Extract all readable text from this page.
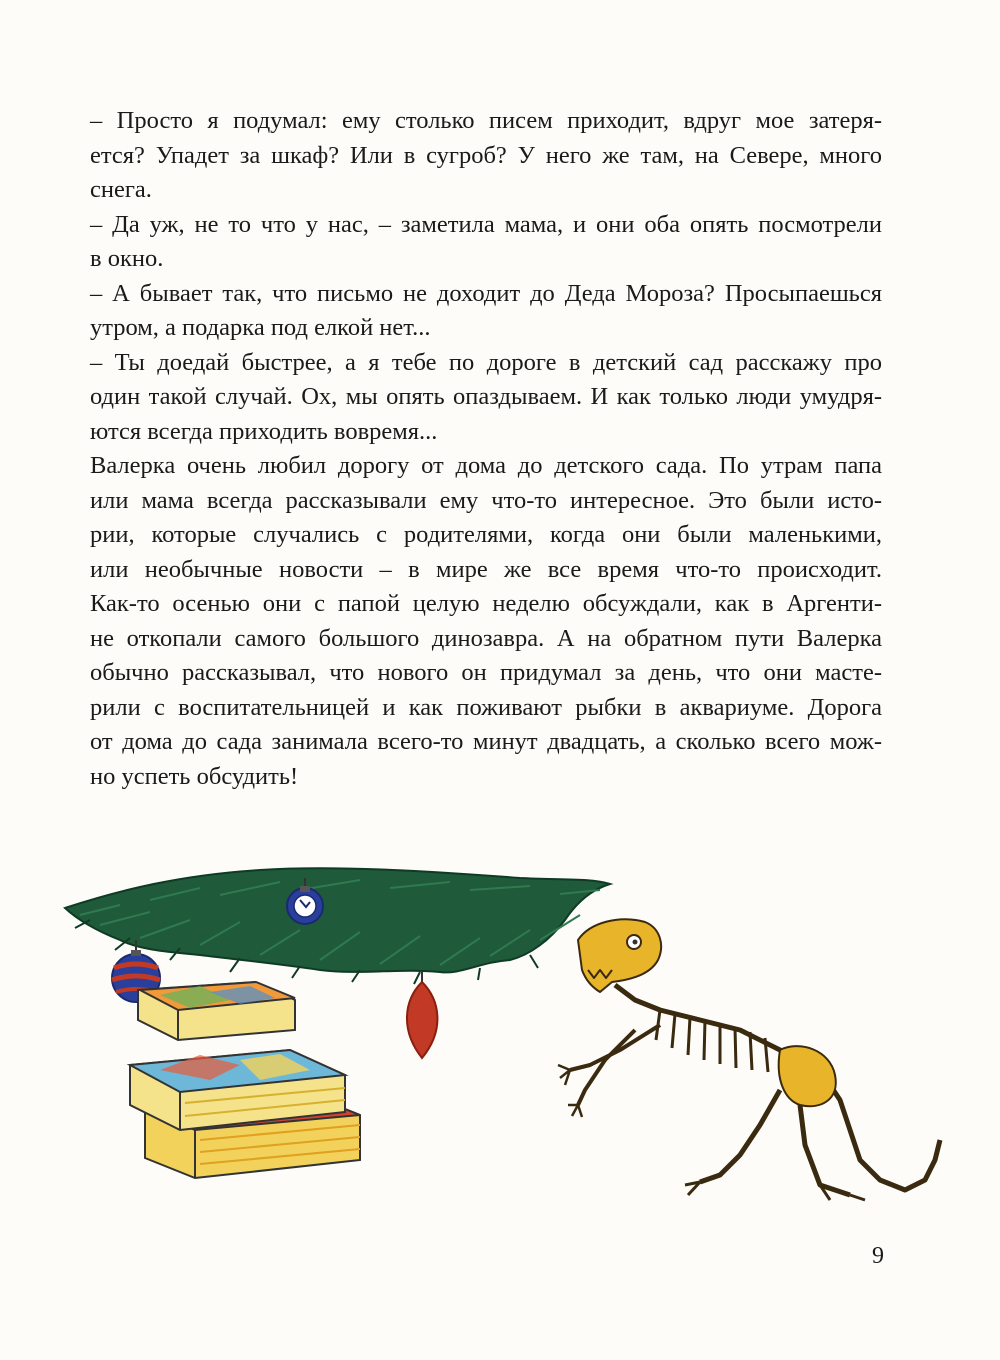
– Просто я подумал: ему столько писем приходит, вдруг мое затеря-
ется? Упадет за шкаф? Или в сугроб? У него же там, на Севере, много
снега.

– Да уж, не то что у нас, – заметила мама, и они оба опять посмотрели
в окно.

– А бывает так, что письмо не доходит до Деда Мороза? Просыпаешься
утром, а подарка под елкой нет...

– Ты доедай быстрее, а я тебе по дороге в детский сад расскажу про
один такой случай. Ох, мы опять опаздываем. И как только люди умудря-
ются всегда приходить вовремя...

Валерка очень любил дорогу от дома до детского сада. По утрам папа
или мама всегда рассказывали ему что-то интересное. Это были исто-
рии, которые случались с родителями, когда они были маленькими,
или необычные новости – в мире же все время что-то происходит.
Как-то осенью они с папой целую неделю обсуждали, как в Аргенти-
не откопали самого большого динозавра. А на обратном пути Валерка
обычно рассказывал, что нового он придумал за день, что они масте-
рили с воспитательницей и как поживают рыбки в аквариуме. Дорога
от дома до сада занимала всего-то минут двадцать, а сколько всего мож-
но успеть обсудить!

9
